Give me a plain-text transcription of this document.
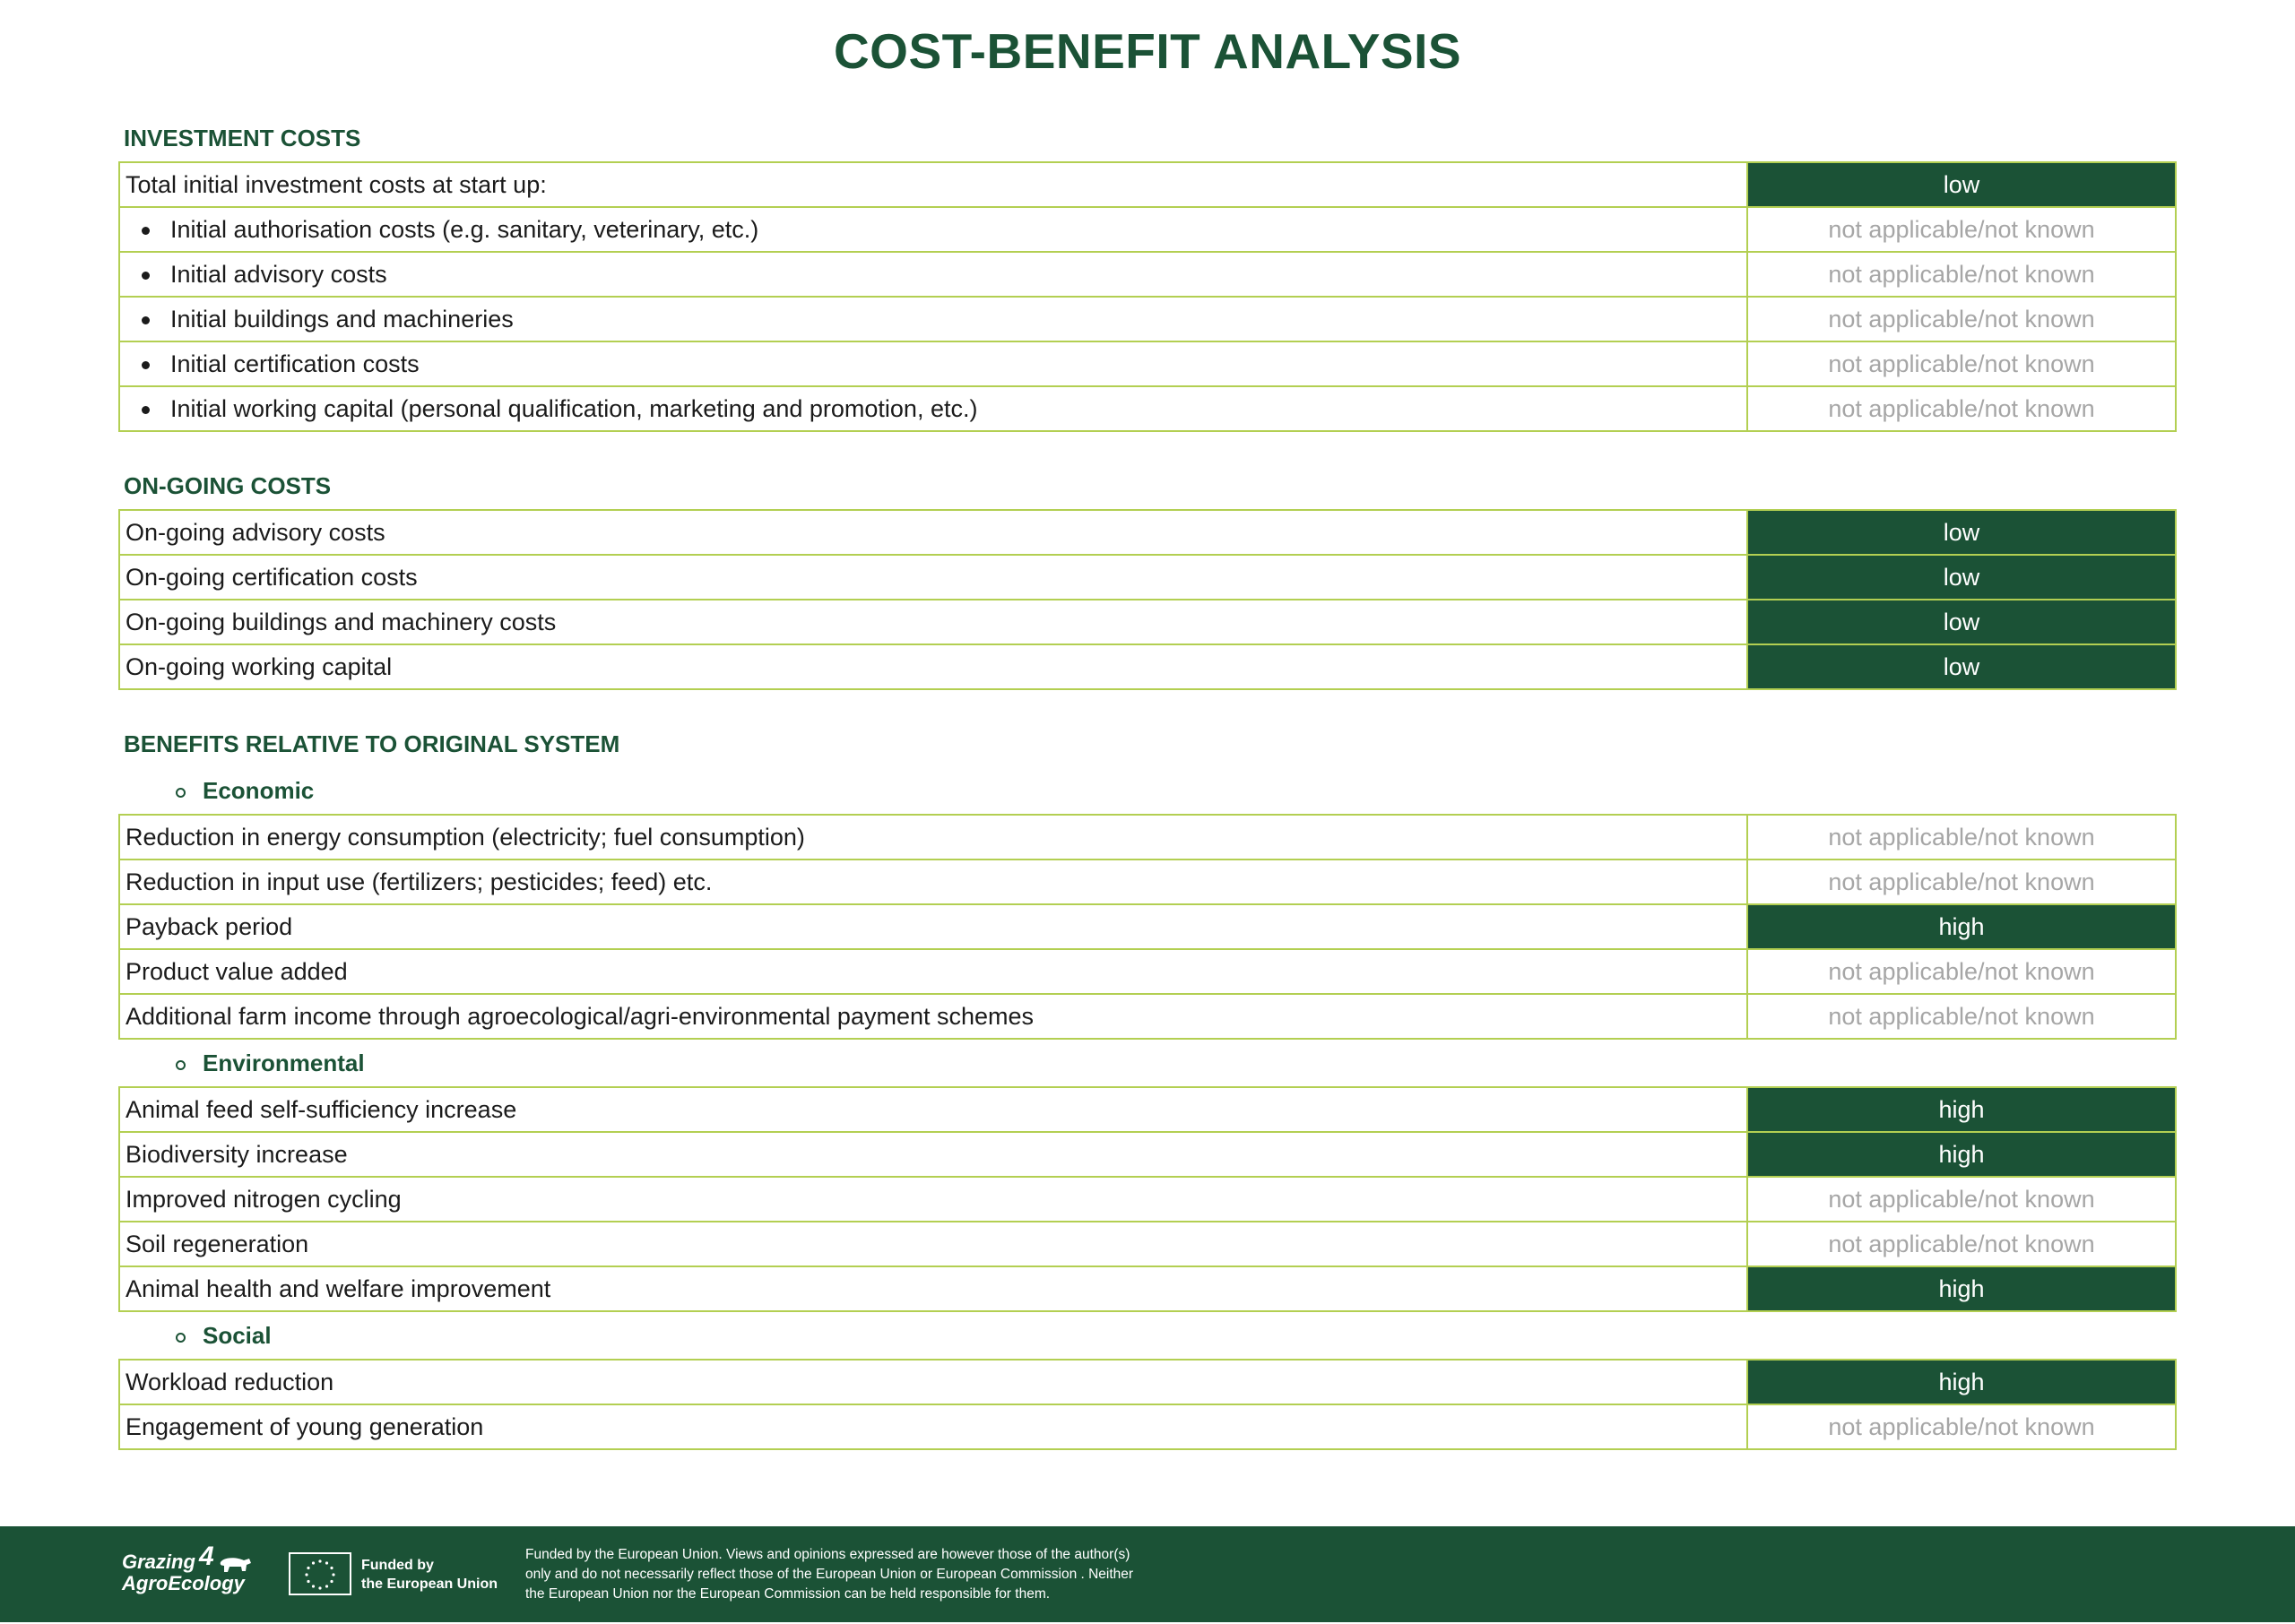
COST-BENEFIT ANALYSIS
INVESTMENT COSTS
Total initial investment costs at start up:	low

Initial authorisation costs (e.g. sanitary, veterinary, etc.)	not applicable/not known

Initial advisory costs	not applicable/not known

Initial buildings and machineries	not applicable/not known

Initial certification costs	not applicable/not known

Initial working capital (personal qualification, marketing and promotion, etc.)	not applicable/not known
ON-GOING COSTS
On-going advisory costs	low
On-going certification costs	low
On-going buildings and machinery costs	low
On-going working capital	low
BENEFITS RELATIVE TO ORIGINAL SYSTEM
Economic
Reduction in energy consumption (electricity; fuel consumption)	not applicable/not known
Reduction in input use (fertilizers; pesticides; feed) etc.	not applicable/not known
Payback period	high
Product value added	not applicable/not known
Additional farm income through agroecological/agri-environmental payment schemes	not applicable/not known
Environmental
Animal feed self-sufficiency increase	high
Biodiversity increase	high
Improved nitrogen cycling	not applicable/not known
Soil regeneration	not applicable/not known
Animal health and welfare improvement	high
Social
Workload reduction	high
Engagement of young generation	not applicable/not known
Grazing
AgroEcology
4	Funded by
the European Union
Funded by the European Union. Views and opinions expressed are however those of the author(s)
only and do not necessarily reflect those of the European Union or European Commission . Neither
the European Union nor the European Commission can be held responsible for them.
